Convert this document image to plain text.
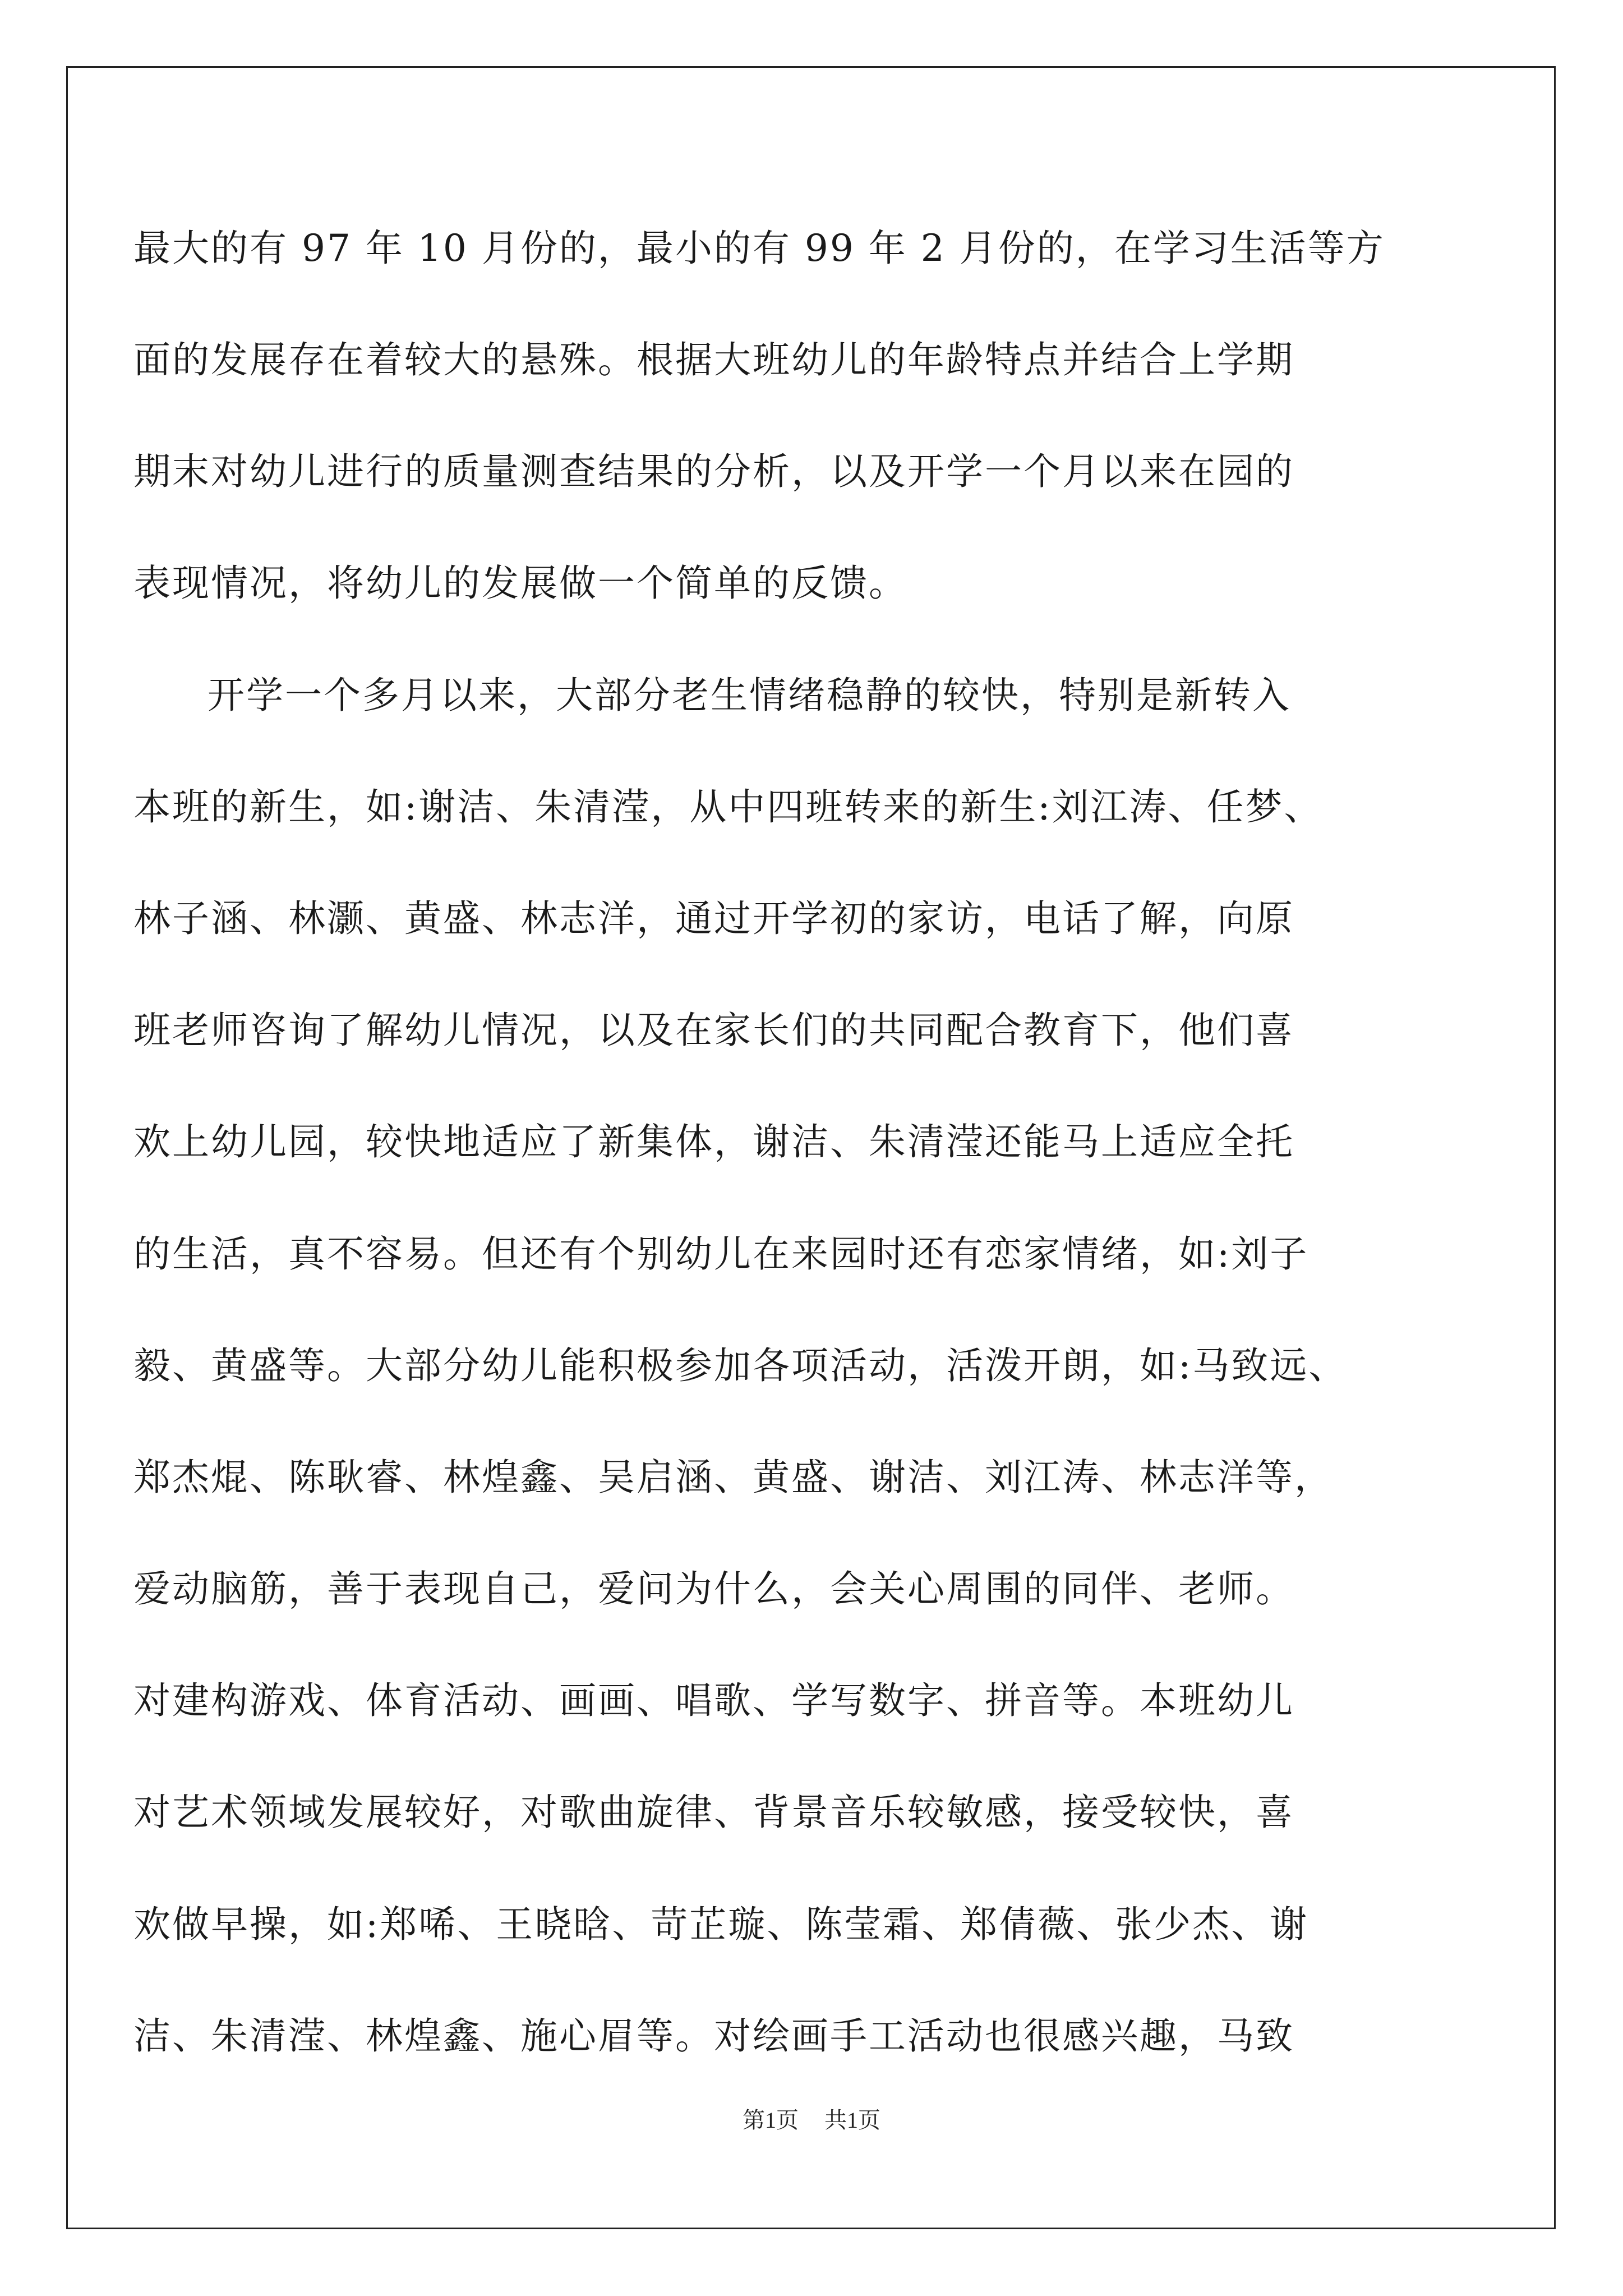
最大的有 97 年 10 月份的，最小的有 99 年 2 月份的，在学习生活等方
面的发展存在着较大的悬殊。根据大班幼儿的年龄特点并结合上学期
期末对幼儿进行的质量测查结果的分析，以及开学一个月以来在园的
表现情况，将幼儿的发展做一个简单的反馈。
开学一个多月以来，大部分老生情绪稳静的较快，特别是新转入
本班的新生，如:谢洁、朱清滢，从中四班转来的新生:刘江涛、任梦、
林子涵、林灏、黄盛、林志洋，通过开学初的家访，电话了解，向原
班老师咨询了解幼儿情况，以及在家长们的共同配合教育下，他们喜
欢上幼儿园，较快地适应了新集体，谢洁、朱清滢还能马上适应全托
的生活，真不容易。但还有个别幼儿在来园时还有恋家情绪，如:刘子
毅、黄盛等。大部分幼儿能积极参加各项活动，活泼开朗，如:马致远、
郑杰焜、陈耿睿、林煌鑫、吴启涵、黄盛、谢洁、刘江涛、林志洋等，
爱动脑筋，善于表现自己，爱问为什么，会关心周围的同伴、老师。
对建构游戏、体育活动、画画、唱歌、学写数字、拼音等。本班幼儿
对艺术领域发展较好，对歌曲旋律、背景音乐较敏感，接受较快，喜
欢做早操，如:郑唏、王晓晗、苛芷璇、陈莹霜、郑倩薇、张少杰、谢
洁、朱清滢、林煌鑫、施心眉等。对绘画手工活动也很感兴趣，马致
第1页 共1页
